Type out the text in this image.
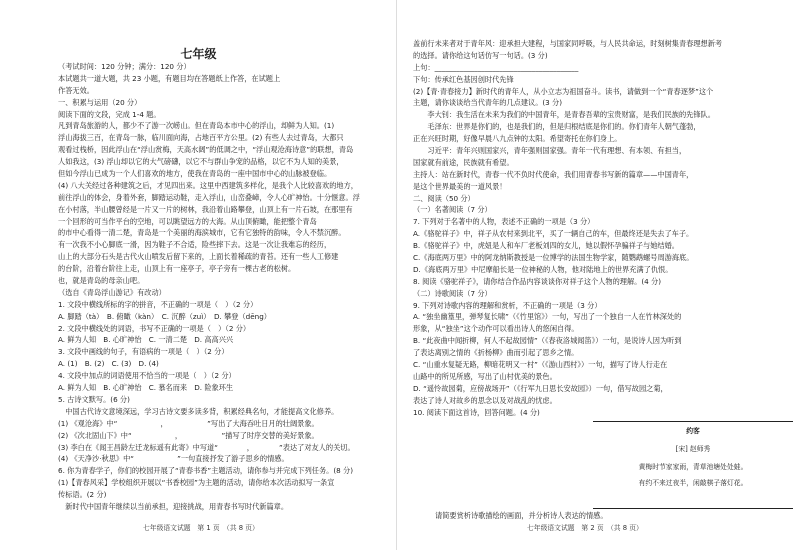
七年级
（考试时间：120 分钟；满分：120 分）
本试题共一道大题，共 23 小题，有题目均在答题纸上作答，在试题上
作答无效。
一、积累与运用（20 分）
阅读下面的文段，完成 1-4 题。
凡到青岛旅游的人，都少不了游一次崂山。但在青岛本市中心的浮山，却鲜为人知。(1)
浮山海拔三百，在青岛一脉，临川面向海，占地百平方公里。(2) 有些人去过青岛，大都只
观看过栈桥，因此浮山在“浮山赏梅，天高水阔”的低调之中，“浮山观沧海诗意”的联想，青岛
人如我这，(3) 浮山却以它的大气磅礴，以它不与群山争宠的品格，以它不为人知的美景，
但如今浮山已成为一个人们喜欢的地方，使我在青岛的一座中国市中心的山脉被登临。
(4) 八大关经过各种建筑之后，才见四出来。这里中西建筑多样化，是我个人比较喜欢的地方，
前往浮山的体会，身着外套，脚踏运动鞋，走入浮山，山峦叠嶂，令人心旷神怡。十分惬意。浮
在小村落，半山腰曾经是一片又一片的树林，我沿着山路攀登，山顶上有一片石坡，在那里有
一个回形的可当作平台的空地，可以眺望远方的大海。从山顶俯瞰，能把整个青岛
的市中心看得一清二楚，青岛是一个美丽的海滨城市，它有它独特的韵味，令人不禁沉醉。
有一次我不小心脚底一滑，因为鞋子不合适，险些摔下去。这是一次让我难忘的经历，
山上的大部分石头是古代火山喷发后留下来的，上面长着稀疏的青苔。还有一些人工修建
的台阶，沿着台阶往上走，山顶上有一座亭子，亭子旁有一棵古老的松树。
也，就是青岛的母亲山吧。
（选自《青岛浮山游记》有改动）
1. 文段中横线所标的字的拼音，不正确的一项是（　）（2 分）
A. 脚踏（tà）　B. 俯瞰（kàn）　C. 沉醉（zuì）　D. 攀登（dēng）
2. 文段中横线处的词语，书写不正确的一项是（　）（2 分）
A. 鲜为人知　B. 心旷神怡　C. 一清二楚　D. 高高兴兴
3. 文段中画线的句子，有语病的一项是（　）（2 分）
A. (1)　B. (2)　C. (3)　D. (4)
4. 文段中加点的词语使用不恰当的一项是（　）（2 分）
A. 鲜为人知　B. 心旷神怡　C. 慕名而来　D. 险象环生
5. 古诗文默写。(6 分)
　中国古代诗文意境深远，学习古诗文要多读多背，积累经典名句，才能提高文化修养。
(1) 《观沧海》中“　　　　　　，　　　　　　”写出了大海吞吐日月的壮阔景象。
(2) 《次北固山下》中“　　　　　　，　　　　　　”描写了时序交替的美好景象。
(3) 李白在《闻王昌龄左迁龙标遥有此寄》中写道“　　　　，　　　　”表达了对友人的关切。
(4) 《天净沙·秋思》中“　　　　　　”一句直接抒发了游子思乡的情感。
6. 你为青春学子，你们的校园开展了“青春书香”主题活动，请你参与并完成下列任务。(8 分)
(1)【青春风采】学校组织开展以“书香校园”为主题的活动，请你给本次活动拟写一条宣
传标语。(2 分)
　新时代中国青年继续以当前承担，迎接挑战，用青春书写时代新篇章。
七年级语文试题　第 1 页　（共 8 页）
盖前行未来者对于青年风：迎承担大建程，与国家同呼吸，与人民共命运，时刻树集青春理想新考
的选择。请你给这句话仿写一句话。(3 分)
上句：________________________________________
下句：传承红色基因创时代先锋
(2)【青·青春接力】新时代的青年人，从小立志为祖国奋斗。读书，请做到一个“青春逐梦”这个
主题，请你谈谈给当代青年的几点建议。(3 分)
　　李大钊：我生活在未来为我们的中国青年，是青春吾辈的宝贵财富，是我们民族的先锋队。
　　毛泽东：世界是你们的，也是我们的，但是归根结底是你们的。你们青年人朝气蓬勃，
正在兴旺时期，好像早晨八九点钟的太阳。希望寄托在你们身上。
　　习近平：青年兴则国家兴，青年强则国家强。青年一代有理想、有本领、有担当，
国家就有前途，民族就有希望。
主持人：站在新时代，青春一代不负时代使命，我们用青春书写新的篇章——中国青年，
是这个世界最美的一道风景！
二、阅读（50 分）
（一）名著阅读（7 分）
7. 下列对于名著中的人物，表述不正确的一项是（3 分）
A.《骆驼祥子》中，祥子从农村来到北平，买了一辆自己的车，但最终还是失去了车子。
B.《骆驼祥子》中，虎妞是人和车厂老板刘四的女儿，她以假怀孕骗祥子与她结婚。
C.《海底两万里》中的阿龙纳斯教授是一位博学的法国生物学家，随鹦鹉螺号周游海底。
D.《海底两万里》中尼摩船长是一位神秘的人物，他对陆地上的世界充满了仇恨。
8. 阅读《骆驼祥子》，请你结合作品内容谈谈你对祥子这个人物的理解。(4 分)
（二）诗歌阅读（7 分）
9. 下列对诗歌内容的理解和赏析，不正确的一项是（3 分）
A. “独坐幽篁里，弹琴复长啸”（《竹里馆》）一句，写出了一个独自一人在竹林深处的
形象，从“独坐”这个动作可以看出诗人的悠闲自得。
B. “此夜曲中闻折柳，何人不起故园情”（《春夜洛城闻笛》）一句，是说诗人因为听到
了表达离别之情的《折杨柳》曲而引起了思乡之情。
C. “山重水复疑无路，柳暗花明又一村”（《游山西村》）一句，描写了诗人行走在
山路中的所见所感，写出了山村优美的景色。
D. “遥怜故园菊，应傍战场开”（《行军九日思长安故园》）一句，借写故园之菊，
表达了诗人对故乡的思念以及对战乱的忧虑。
10. 阅读下面这首诗，回答问题。(4 分)
约客
[宋] 赵师秀
黄梅时节家家雨，青草池塘处处蛙。
有约不来过夜半，闲敲棋子落灯花。
请简要赏析诗歌描绘的画面，并分析诗人表达的情感。
七年级语文试题　第 2 页　（共 8 页）
